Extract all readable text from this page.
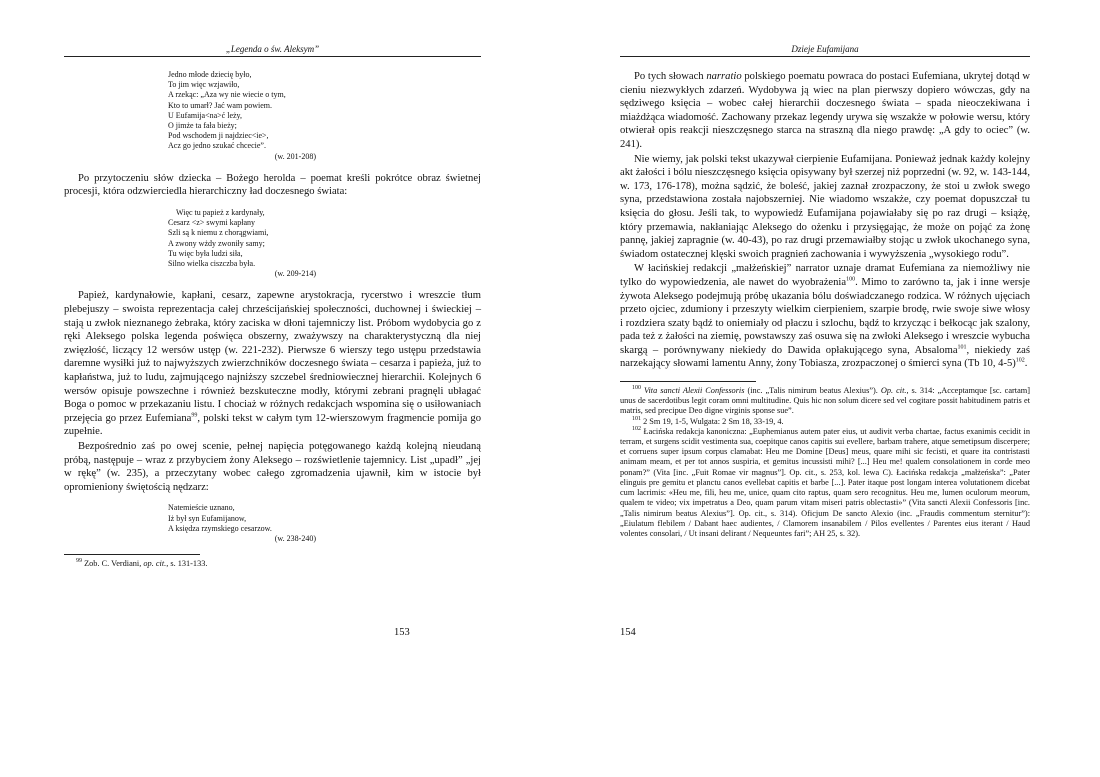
„Legenda o św. Aleksym”
Jedno młode dziecię było,
To jim więc wzjawiło,
A rzekąc: „Aza wy nie wiecie o tym,
Kto to umarł? Jać wam powiem.
U Eufamija<na>ć leży,
O jimże ta fała bieży;
Pod wschodem ji najdziec<ie>,
Acz go jedno szukać chcecie”.
(w. 201-208)

Po przytoczeniu słów dziecka – Bożego herolda – poemat kreśli pokrótce obraz świetnej procesji, która odzwierciedla hierarchiczny ład doczesnego świata:

Więc tu papież z kardynały,
Cesarz <z> swymi kapłany
Szli są k niemu z chorągwiami,
A zwony wżdy zwoniły samy;
Tu więc była ludzi siła,
Silno wielka ciszczba była.
(w. 209-214)

Papież, kardynałowie, kapłani, cesarz, zapewne arystokracja, rycerstwo i wreszcie tłum plebejuszy – swoista reprezentacja całej chrześcijańskiej społeczności, duchownej i świeckiej – stają u zwłok nieznanego żebraka, który zaciska w dłoni tajemniczy list. Próbom wydobycia go z ręki Aleksego polska legenda poświęca obszerny, zważywszy na charakterystyczną dla niej zwięzłość, liczący 12 wersów ustęp (w. 221-232). Pierwsze 6 wierszy tego ustępu przedstawia daremne wysiłki już to najwyższych zwierzchników doczesnego świata – cesarza i papieża, już to kapłaństwa, już to ludu, zajmującego najniższy szczebel średniowiecznej hierarchii. Kolejnych 6 wersów opisuje powszechne i również bezskuteczne modły, którymi zebrani pragnęli ubłagać Boga o pomoc w przekazaniu listu. I chociaż w różnych redakcjach wspomina się o usiłowaniach przejęcia go przez Eufemiana$^{99}$, polski tekst w całym tym 12-wierszowym fragmencie pomija go zupełnie.

Bezpośrednio zaś po owej scenie, pełnej napięcia potęgowanego każdą kolejną nieudaną próbą, następuje – wraz z przybyciem żony Aleksego – rozświetlenie tajemnicy. List „upadł” „jej w rękę” (w. 235), a przeczytany wobec całego zgromadzenia ujawnił, kim w istocie był opromieniony świętością nędzarz:

Natemieście uznano,
Iż był syn Eufamijanow,
A księdza rzymskiego cesarzow.
(w. 238-240)

$^{99}$ Zob. C. Verdiani, op. cit., s. 131-133.

153
Dzieje Eufamijana

Po tych słowach narratio polskiego poematu powraca do postaci Eufemiana, ukrytej dotąd w cieniu niezwykłych zdarzeń. Wydobywa ją wiec na plan pierwszy dopiero wówczas, gdy na sędziwego księcia – wobec całej hierarchii doczesnego świata – spada nieoczekiwana i miażdżąca wiadomość. Zachowany przekaz legendy urywa się wszakże w połowie wersu, który otwierał opis reakcji nieszczęsnego starca na straszną dla niego prawdę: „A gdy to ociec” (w. 241).

Nie wiemy, jak polski tekst ukazywał cierpienie Eufamijana. Ponieważ jednak każdy kolejny akt żałości i bólu nieszczęsnego księcia opisywany był szerzej niż poprzedni (w. 92, w. 143-144, w. 173, 176-178), można sądzić, że boleść, jakiej zaznał zrozpaczony, że stoi u zwłok swego syna, przedstawiona została najobszerniej. Nie wiadomo wszakże, czy poemat dopuszczał tu księcia do głosu. Jeśli tak, to wypowiedź Eufamijana pojawiałaby się po raz drugi – książę, który przemawia, nakłaniając Aleksego do ożenku i przysięgając, że może on pojąć za żonę pannę, jakiej zapragnie (w. 40-43), po raz drugi przemawiałby stojąc u zwłok ukochanego syna, świadom ostatecznej klęski swoich pragnień zachowania i wywyższenia „wysokiego rodu”.

W łacińskiej redakcji „małżeńskiej” narrator uznaje dramat Eufemiana za niemożliwy nie tylko do wypowiedzenia, ale nawet do wyobrażenia$^{100}$. Mimo to zarówno ta, jak i inne wersje żywota Aleksego podejmują próbę ukazania bólu doświadczanego rodzica. W różnych ujęciach przeto ojciec, zdumiony i przeszyty wielkim cierpieniem, szarpie brodę, rwie swoje siwe włosy i rozdziera szaty bądź to oniemiały od płaczu i szlochu, bądź to krzycząc i bełkocąc jak szalony, pada też z żałości na ziemię, powstawszy zaś osuwa się na zwłoki Aleksego i wreszcie wybucha skargą – porównywany niekiedy do Dawida opłakującego syna, Absaloma$^{101}$, niekiedy zaś narzekający słowami lamentu Anny, żony Tobiasza, zrozpaczonej o śmierci syna (Tb 10, 4-5)$^{102}$.

$^{100}$ Vita sancti Alexii Confessoris (inc. „Talis nimirum beatus Alexius”). Op. cit., s. 314: „Acceptamque [sc. cartam] unus de sacerdotibus legit coram omni multitudine. Quis hic non solum dicere sed vel cogitare possit habitudinem patris et matris, sed precipue Deo digne virginis sponse sue”.

$^{101}$ 2 Sm 19, 1-5, Wulgata: 2 Sm 18, 33-19, 4.

$^{102}$ Łacińska redakcja kanoniczna: „Euphemianus autem pater eius, ut audivit verba chartae, factus exanimis cecidit in terram, et surgens scidit vestimenta sua, coepitque canos capitis sui evellere, barbam trahere, atque semetipsum discerpere; et corruens super ipsum corpus clamabat: Heu me Domine [Deus] meus, quare mihi sic fecisti, et quare ita contristasti animam meam, et per tot annos suspiria, et gemitus incussisti mihi? [...] Heu me! qualem consolationem in corde meo ponam?” (Vita [inc. „Fuit Romae vir magnus”]. Op. cit., s. 253, kol. lewa C). Łacińska redakcja „małżeńska”: „Pater elinguis pre gemitu et planctu canos evellebat capitis et barbe [...]. Pater itaque post longam interea volutationem dicebat cum lacrimis: «Heu me, fili, heu me, unice, quam cito raptus, quam sero recognitus. Heu me, lumen oculorum meorum, qualem te video; vix impetratus a Deo, quam parum vitam miseri patris oblectasti»” (Vita sancti Alexii Confessoris [inc. „Talis nimirum beatus Alexius”]. Op. cit., s. 314). Oficjum De sancto Alexio (inc. „Fraudis commentum sternitur”): „Eiulatum flebilem / Dabant haec audientes, / Clamorem insanabilem / Pilos evellentes / Parentes eius iterant / Haud volentes consolari, / Ut insani delirant / Nequeuntes fari”; AH 25, s. 32).

154
